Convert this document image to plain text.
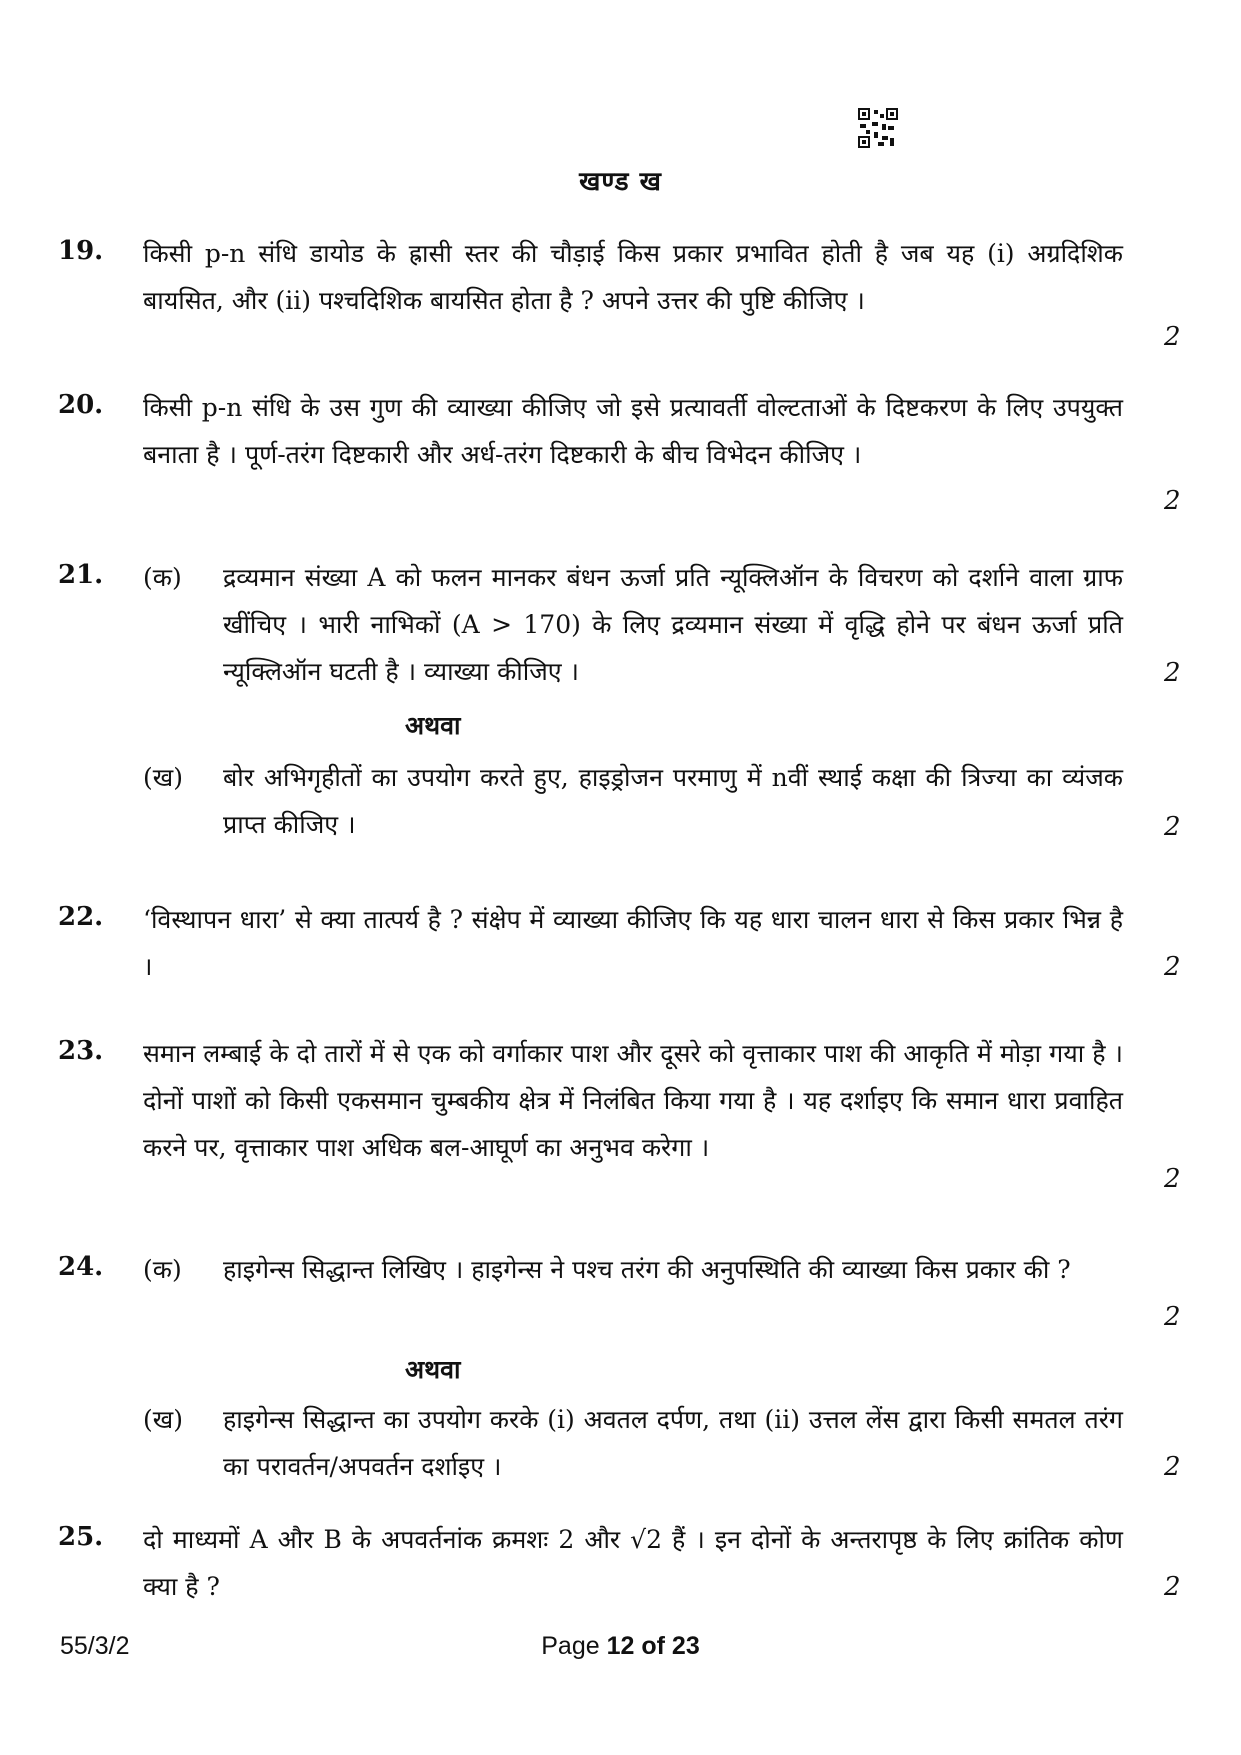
खण्ड ख
19. किसी p-n संधि डायोड के ह्रासी स्तर की चौड़ाई किस प्रकार प्रभावित होती है जब यह (i) अग्रदिशिक बायसित, और (ii) पश्चदिशिक बायसित होता है ? अपने उत्तर की पुष्टि कीजिए ।
2
20. किसी p-n संधि के उस गुण की व्याख्या कीजिए जो इसे प्रत्यावर्ती वोल्टताओं के दिष्टकरण के लिए उपयुक्त बनाता है । पूर्ण-तरंग दिष्टकारी और अर्ध-तरंग दिष्टकारी के बीच विभेदन कीजिए ।
2
21. (क) द्रव्यमान संख्या A को फलन मानकर बंधन ऊर्जा प्रति न्यूक्लिऑन के विचरण को दर्शाने वाला ग्राफ खींचिए । भारी नाभिकों (A > 170) के लिए द्रव्यमान संख्या में वृद्धि होने पर बंधन ऊर्जा प्रति न्यूक्लिऑन घटती है । व्याख्या कीजिए ।	2
अथवा
(ख) बोर अभिगृहीतों का उपयोग करते हुए, हाइड्रोजन परमाणु में nवीं स्थाई कक्षा की त्रिज्या का व्यंजक प्राप्त कीजिए ।	2
22. ‘विस्थापन धारा’ से क्या तात्पर्य है ? संक्षेप में व्याख्या कीजिए कि यह धारा चालन धारा से किस प्रकार भिन्न है ।	2
23. समान लम्बाई के दो तारों में से एक को वर्गाकार पाश और दूसरे को वृत्ताकार पाश की आकृति में मोड़ा गया है । दोनों पाशों को किसी एकसमान चुम्बकीय क्षेत्र में निलंबित किया गया है । यह दर्शाइए कि समान धारा प्रवाहित करने पर, वृत्ताकार पाश अधिक बल-आघूर्ण का अनुभव करेगा ।
2
24. (क) हाइगेन्स सिद्धान्त लिखिए । हाइगेन्स ने पश्च तरंग की अनुपस्थिति की व्याख्या किस प्रकार की ?
2
अथवा
(ख) हाइगेन्स सिद्धान्त का उपयोग करके (i) अवतल दर्पण, तथा (ii) उत्तल लेंस द्वारा किसी समतल तरंग का परावर्तन/अपवर्तन दर्शाइए ।	2
25. दो माध्यमों A और B के अपवर्तनांक क्रमशः 2 और √2 हैं । इन दोनों के अन्तरापृष्ठ के लिए क्रांतिक कोण क्या है ?	2
55/3/2	Page 12 of 23
